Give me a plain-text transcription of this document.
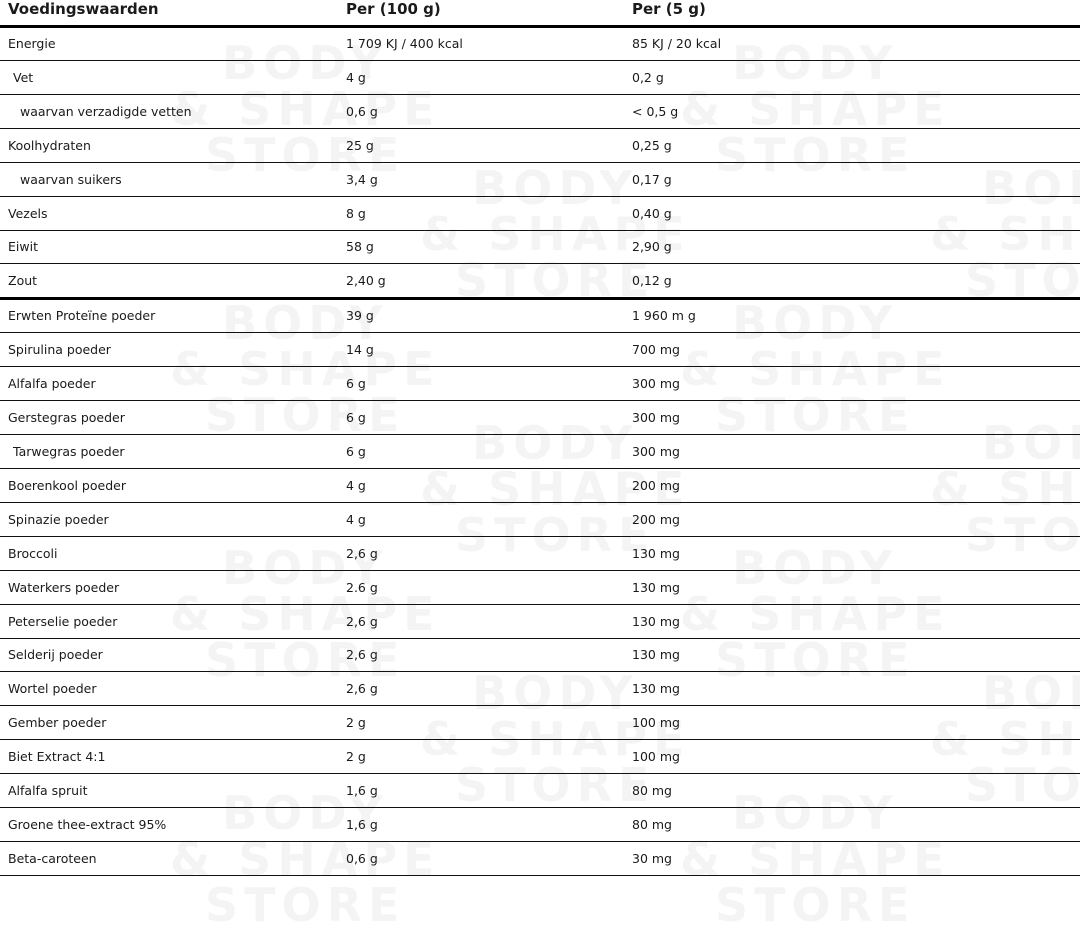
Voedingswaarden	Per (100 g)	Per (5 g)
Energie	1 709 KJ / 400 kcal	85 KJ / 20 kcal
Vet	4 g	0,2 g
waarvan verzadigde vetten	0,6 g	< 0,5 g
Koolhydraten	25 g	0,25 g
waarvan suikers	3,4 g	0,17 g
Vezels	8 g	0,40 g
Eiwit	58 g	2,90 g
Zout	2,40 g	0,12 g
Erwten Proteïne poeder	39 g	1 960 m g
Spirulina poeder	14 g	700 mg
Alfalfa poeder	6 g	300 mg
Gerstegras poeder	6 g	300 mg
Tarwegras poeder	6 g	300 mg
Boerenkool poeder	4 g	200 mg
Spinazie poeder	4 g	200 mg
Broccoli	2,6 g	130 mg
Waterkers poeder	2.6 g	130 mg
Peterselie poeder	2,6 g	130 mg
Selderij poeder	2,6 g	130 mg
Wortel poeder	2,6 g	130 mg
Gember poeder	2 g	100 mg
Biet Extract 4:1	2 g	100 mg
Alfalfa spruit	1,6 g	80 mg
Groene thee-extract 95%	1,6 g	80 mg
Beta-caroteen	0,6 g	30 mg
